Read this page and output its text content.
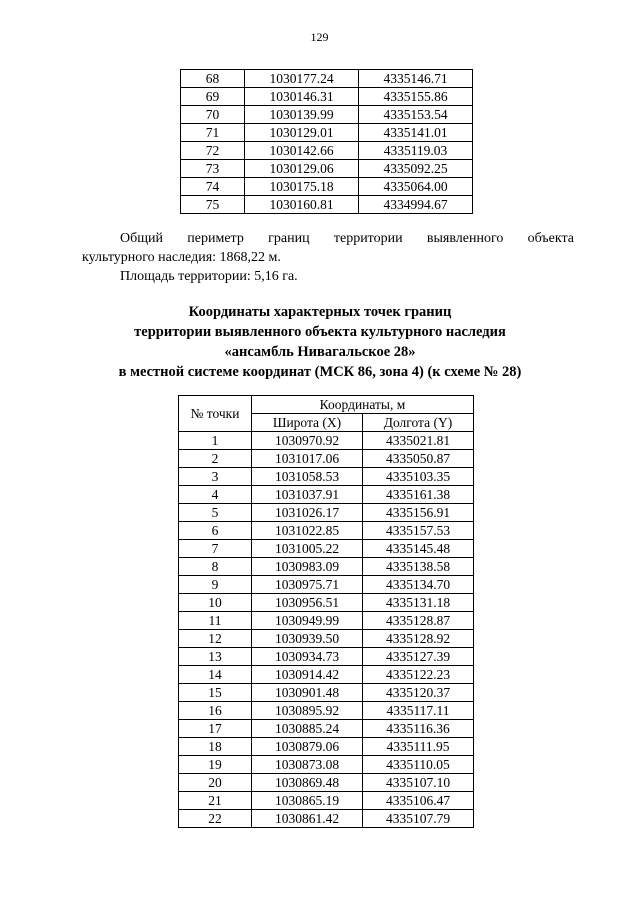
129
68	1030177.24	4335146.71
69	1030146.31	4335155.86
70	1030139.99	4335153.54
71	1030129.01	4335141.01
72	1030142.66	4335119.03
73	1030129.06	4335092.25
74	1030175.18	4335064.00
75	1030160.81	4334994.67
Общий периметр границ территории выявленного объекта
культурного наследия: 1868,22 м.
Площадь территории: 5,16 га.
Координаты характерных точек границ
территории выявленного объекта культурного наследия
«ансамбль Нивагальское 28»
в местной системе координат (МСК 86, зона 4) (к схеме № 28)
№ точки	Координаты, м	
	Широта (X)	Долгота (Y)
1	1030970.92	4335021.81
2	1031017.06	4335050.87
3	1031058.53	4335103.35
4	1031037.91	4335161.38
5	1031026.17	4335156.91
6	1031022.85	4335157.53
7	1031005.22	4335145.48
8	1030983.09	4335138.58
9	1030975.71	4335134.70
10	1030956.51	4335131.18
11	1030949.99	4335128.87
12	1030939.50	4335128.92
13	1030934.73	4335127.39
14	1030914.42	4335122.23
15	1030901.48	4335120.37
16	1030895.92	4335117.11
17	1030885.24	4335116.36
18	1030879.06	4335111.95
19	1030873.08	4335110.05
20	1030869.48	4335107.10
21	1030865.19	4335106.47
22	1030861.42	4335107.79
